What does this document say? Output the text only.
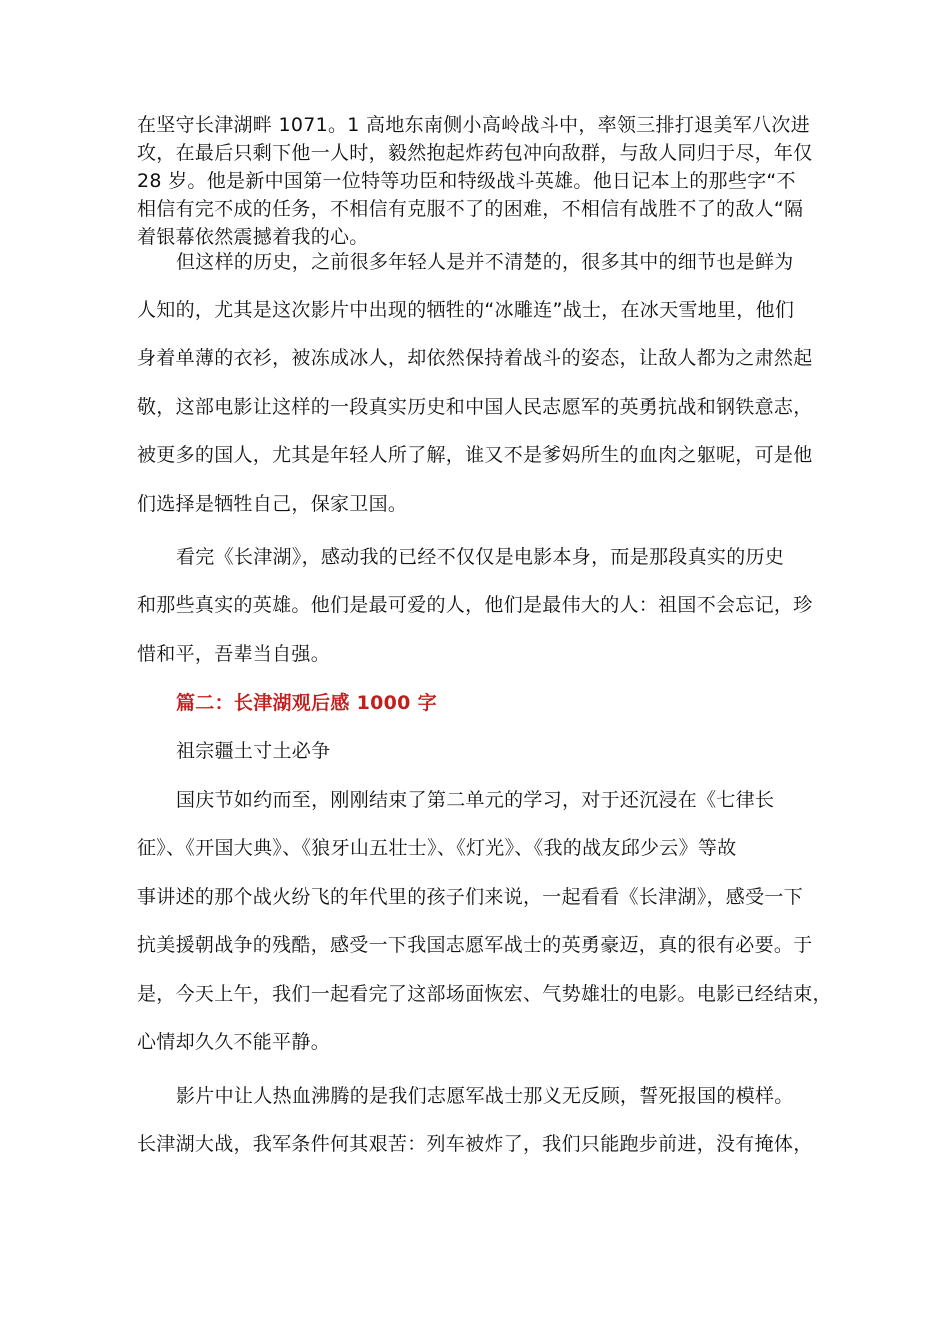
在坚守长津湖畔 1071。1 高地东南侧小高岭战斗中，率领三排打退美军八次进
攻，在最后只剩下他一人时，毅然抱起炸药包冲向敌群，与敌人同归于尽，年仅
28 岁。他是新中国第一位特等功臣和特级战斗英雄。他日记本上的那些字“不
相信有完不成的任务，不相信有克服不了的困难，不相信有战胜不了的敌人“隔
着银幕依然震撼着我的心。
但这样的历史，之前很多年轻人是并不清楚的，很多其中的细节也是鲜为
人知的，尤其是这次影片中出现的牺牲的“冰雕连”战士，在冰天雪地里，他们
身着单薄的衣衫，被冻成冰人，却依然保持着战斗的姿态，让敌人都为之肃然起
敬，这部电影让这样的一段真实历史和中国人民志愿军的英勇抗战和钢铁意志，
被更多的国人，尤其是年轻人所了解，谁又不是爹妈所生的血肉之躯呢，可是他
们选择是牺牲自己，保家卫国。
看完《长津湖》，感动我的已经不仅仅是电影本身，而是那段真实的历史
和那些真实的英雄。他们是最可爱的人，他们是最伟大的人：祖国不会忘记，珍
惜和平，吾辈当自强。
篇二：长津湖观后感 1000 字
祖宗疆土寸土必争
国庆节如约而至，刚刚结束了第二单元的学习，对于还沉浸在《七律长
征》、《开国大典》、《狼牙山五壮士》、《灯光》、《我的战友邱少云》等故
事讲述的那个战火纷飞的年代里的孩子们来说，一起看看《长津湖》，感受一下
抗美援朝战争的残酷，感受一下我国志愿军战士的英勇豪迈，真的很有必要。于
是，今天上午，我们一起看完了这部场面恢宏、气势雄壮的电影。电影已经结束，
心情却久久不能平静。
影片中让人热血沸腾的是我们志愿军战士那义无反顾，誓死报国的模样。
长津湖大战，我军条件何其艰苦：列车被炸了，我们只能跑步前进，没有掩体，
